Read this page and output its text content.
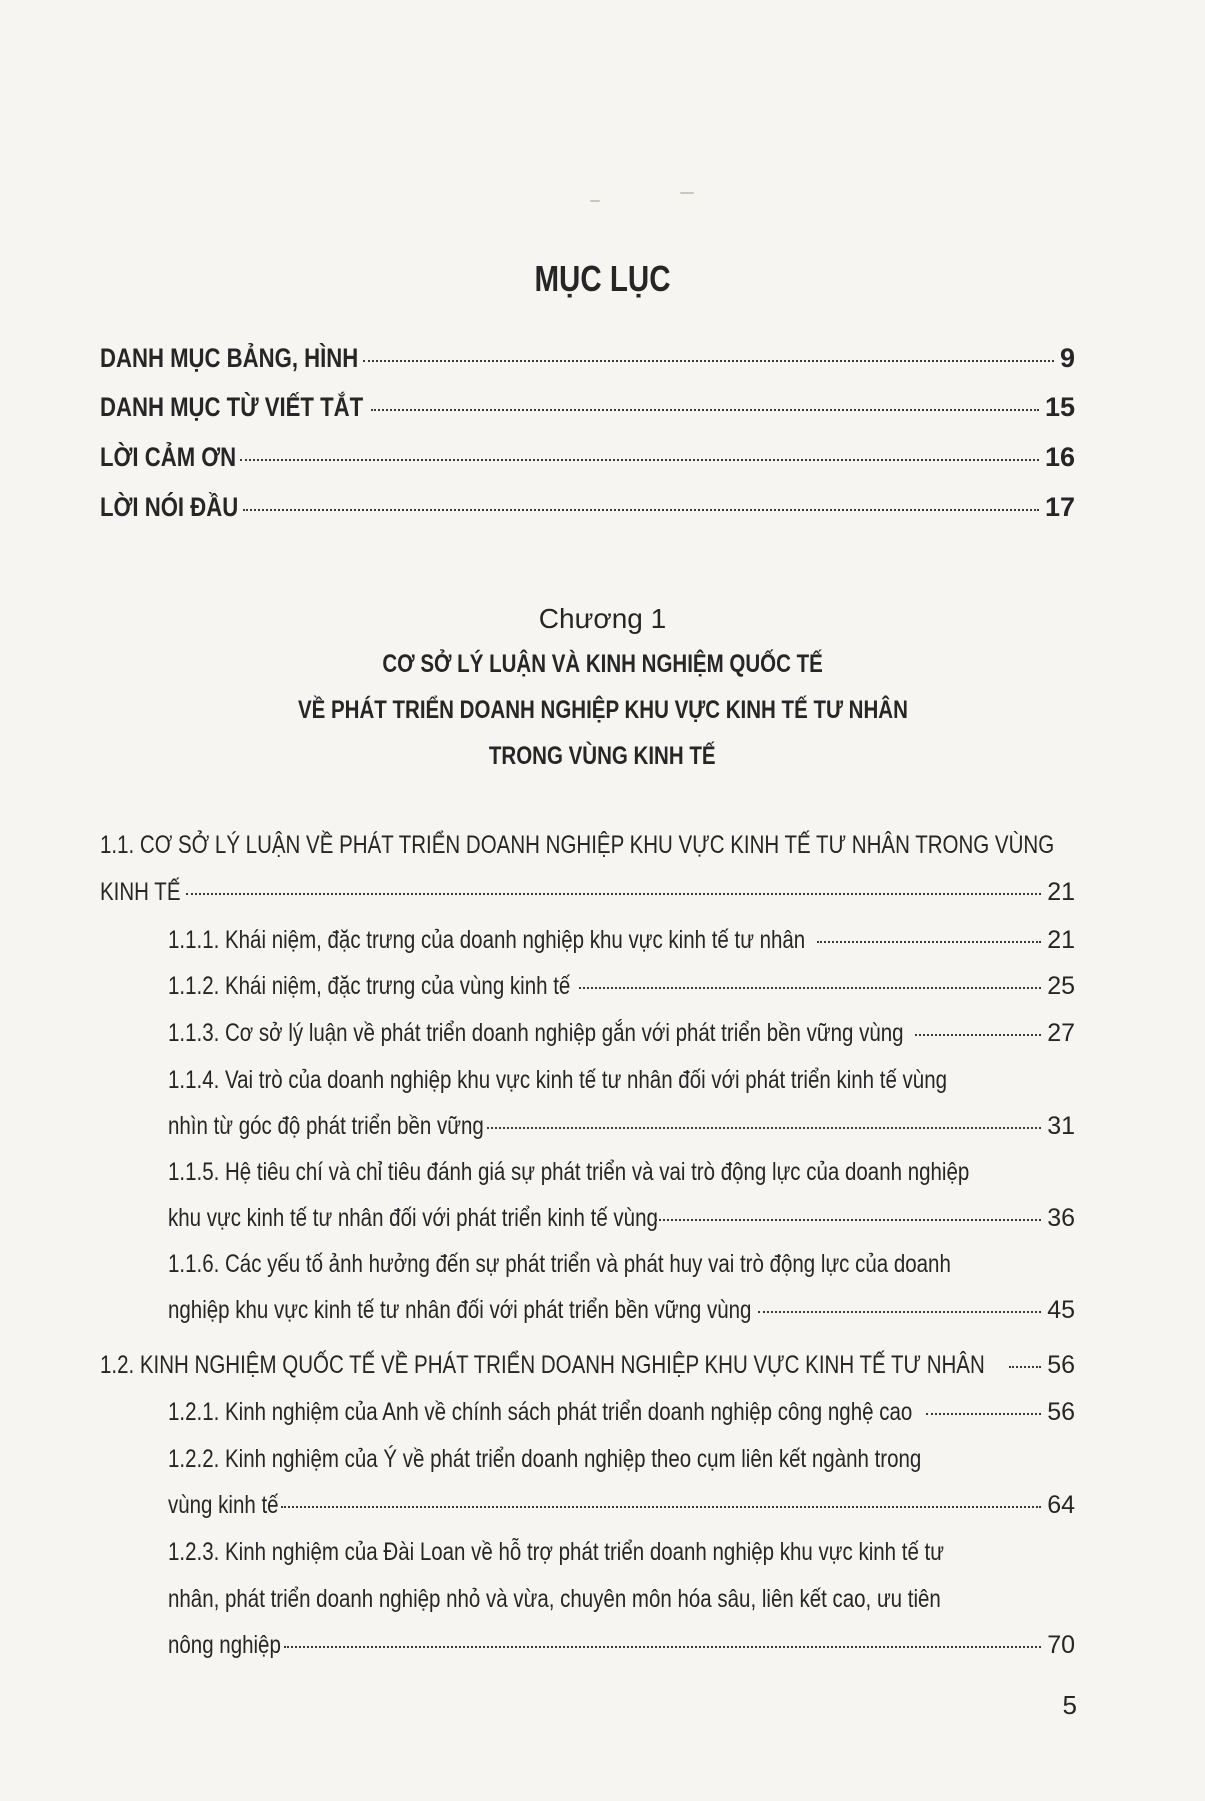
MỤC LỤC
DANH MỤC BẢNG, HÌNH	9
DANH MỤC TỪ VIẾT TẮT	15
LỜI CẢM ƠN	16
LỜI NÓI ĐẦU	17
Chương 1
CƠ SỞ LÝ LUẬN VÀ KINH NGHIỆM QUỐC TẾ
VỀ PHÁT TRIỂN DOANH NGHIỆP KHU VỰC KINH TẾ TƯ NHÂN
TRONG VÙNG KINH TẾ
1.1. CƠ SỞ LÝ LUẬN VỀ PHÁT TRIỂN DOANH NGHIỆP KHU VỰC KINH TẾ TƯ NHÂN TRONG VÙNG
KINH TẾ	21
1.1.1. Khái niệm, đặc trưng của doanh nghiệp khu vực kinh tế tư nhân	21
1.1.2. Khái niệm, đặc trưng của vùng kinh tế	25
1.1.3. Cơ sở lý luận về phát triển doanh nghiệp gắn với phát triển bền vững vùng	27
1.1.4. Vai trò của doanh nghiệp khu vực kinh tế tư nhân đối với phát triển kinh tế vùng
nhìn từ góc độ phát triển bền vững	31
1.1.5. Hệ tiêu chí và chỉ tiêu đánh giá sự phát triển và vai trò động lực của doanh nghiệp
khu vực kinh tế tư nhân đối với phát triển kinh tế vùng	36
1.1.6. Các yếu tố ảnh hưởng đến sự phát triển và phát huy vai trò động lực của doanh
nghiệp khu vực kinh tế tư nhân đối với phát triển bền vững vùng	45
1.2. KINH NGHIỆM QUỐC TẾ VỀ PHÁT TRIỂN DOANH NGHIỆP KHU VỰC KINH TẾ TƯ NHÂN	56
1.2.1. Kinh nghiệm của Anh về chính sách phát triển doanh nghiệp công nghệ cao	56
1.2.2. Kinh nghiệm của Ý về phát triển doanh nghiệp theo cụm liên kết ngành trong
vùng kinh tế	64
1.2.3. Kinh nghiệm của Đài Loan về hỗ trợ phát triển doanh nghiệp khu vực kinh tế tư
nhân, phát triển doanh nghiệp nhỏ và vừa, chuyên môn hóa sâu, liên kết cao, ưu tiên
nông nghiệp	70
5
